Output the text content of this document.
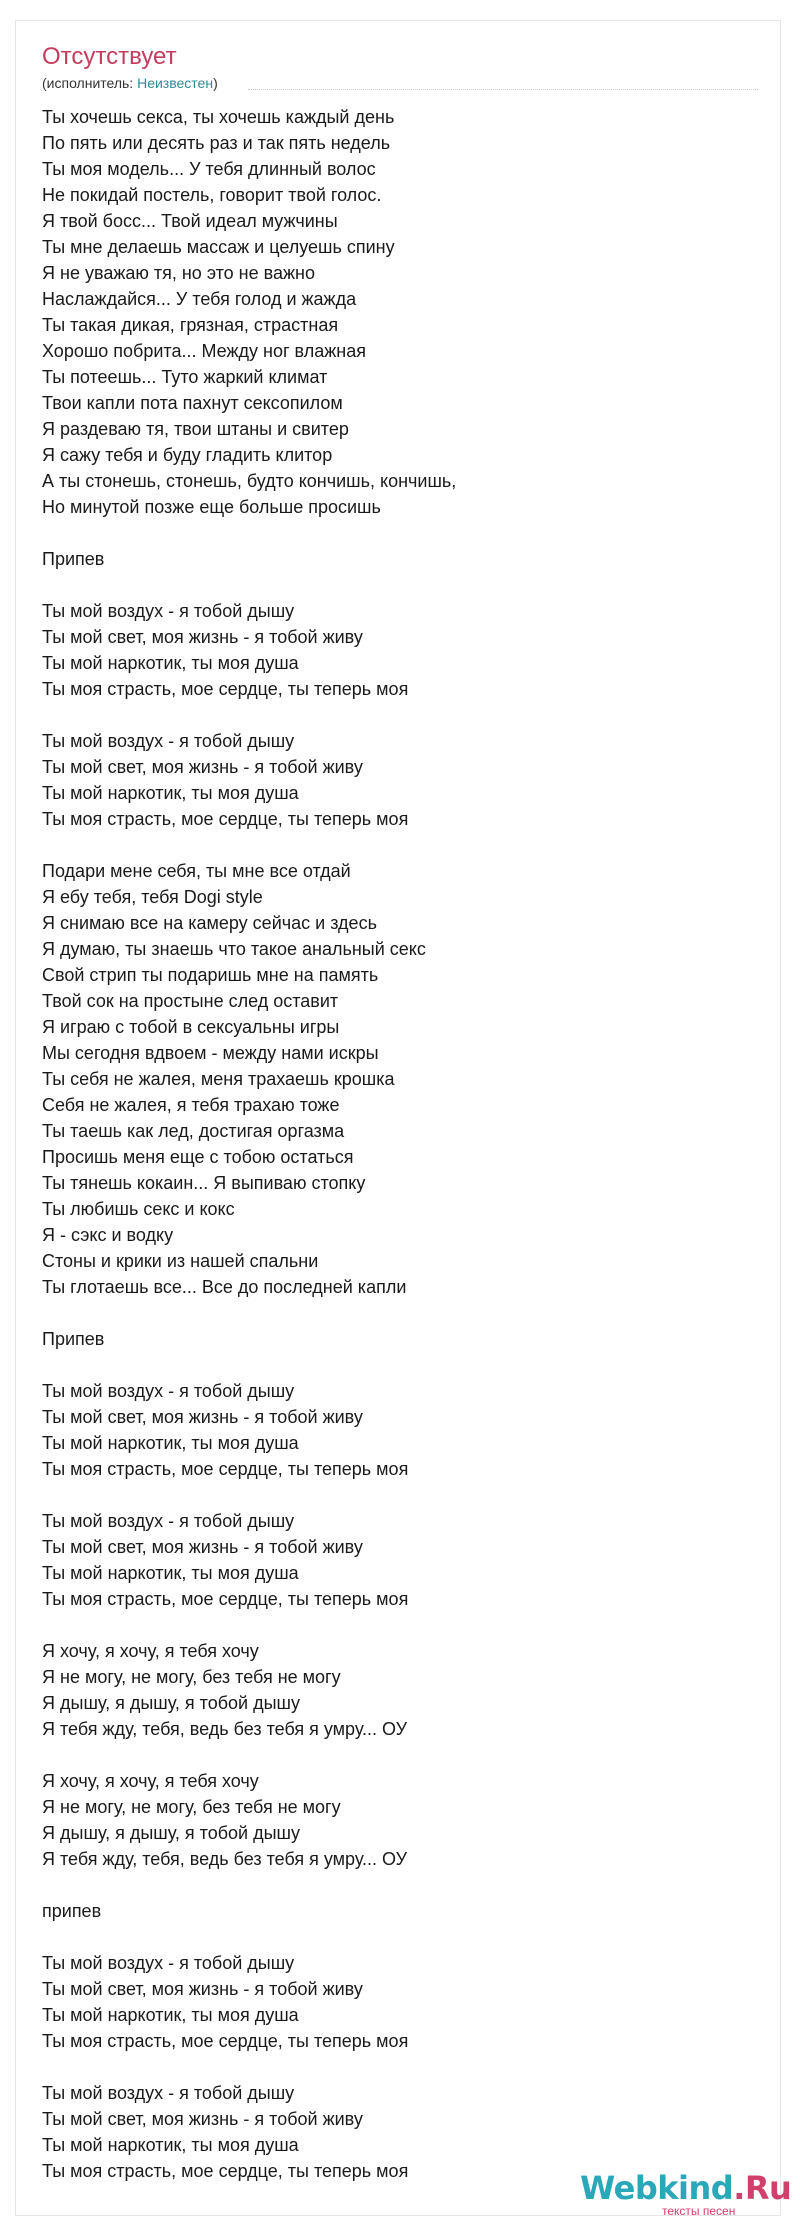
Отсутствует
(исполнитель: Неизвестен)
Ты хочешь секса, ты хочешь каждый день
По пять или десять раз и так пять недель
Ты моя модель... У тебя длинный волос
Не покидай постель, говорит твой голос.
Я твой босс... Твой идеал мужчины
Ты мне делаешь массаж и целуешь спину
Я не уважаю тя, но это не важно
Наслаждайся... У тебя голод и жажда
Ты такая дикая, грязная, страстная
Хорошо побрита... Между ног влажная
Ты потеешь... Туто жаркий климат
Твои капли пота пахнут сексопилом
Я раздеваю тя, твои штаны и свитер
Я сажу тебя и буду гладить клитор
А ты стонешь, стонешь, будто кончишь, кончишь,
Но минутой позже еще больше просишь
Припев
Ты мой воздух - я тобой дышу
Ты мой свет, моя жизнь - я тобой живу
Ты мой наркотик, ты моя душа
Ты моя страсть, мое сердце, ты теперь моя
Ты мой воздух - я тобой дышу
Ты мой свет, моя жизнь - я тобой живу
Ты мой наркотик, ты моя душа
Ты моя страсть, мое сердце, ты теперь моя
Подари мене себя, ты мне все отдай
Я ебу тебя, тебя Dogi style
Я снимаю все на камеру сейчас и здесь
Я думаю, ты знаешь что такое анальный секс
Свой стрип ты подаришь мне на память
Твой сок на простыне след оставит
Я играю с тобой в сексуальны игры
Мы сегодня вдвоем - между нами искры
Ты себя не жалея, меня трахаешь крошка
Себя не жалея, я тебя трахаю тоже
Ты таешь как лед, достигая оргазма
Просишь меня еще с тобою остаться
Ты тянешь кокаин... Я выпиваю стопку
Ты любишь секс и кокс
Я - сэкс и водку
Стоны и крики из нашей спальни
Ты глотаешь все... Все до последней капли
Припев
Ты мой воздух - я тобой дышу
Ты мой свет, моя жизнь - я тобой живу
Ты мой наркотик, ты моя душа
Ты моя страсть, мое сердце, ты теперь моя
Ты мой воздух - я тобой дышу
Ты мой свет, моя жизнь - я тобой живу
Ты мой наркотик, ты моя душа
Ты моя страсть, мое сердце, ты теперь моя
Я хочу, я хочу, я тебя хочу
Я не могу, не могу, без тебя не могу
Я дышу, я дышу, я тобой дышу
Я тебя жду, тебя, ведь без тебя я умру... ОУ
Я хочу, я хочу, я тебя хочу
Я не могу, не могу, без тебя не могу
Я дышу, я дышу, я тобой дышу
Я тебя жду, тебя, ведь без тебя я умру... ОУ
припев
Ты мой воздух - я тобой дышу
Ты мой свет, моя жизнь - я тобой живу
Ты мой наркотик, ты моя душа
Ты моя страсть, мое сердце, ты теперь моя
Ты мой воздух - я тобой дышу
Ты мой свет, моя жизнь - я тобой живу
Ты мой наркотик, ты моя душа
Ты моя страсть, мое сердце, ты теперь моя	Webkind.Ru
тексты песен
